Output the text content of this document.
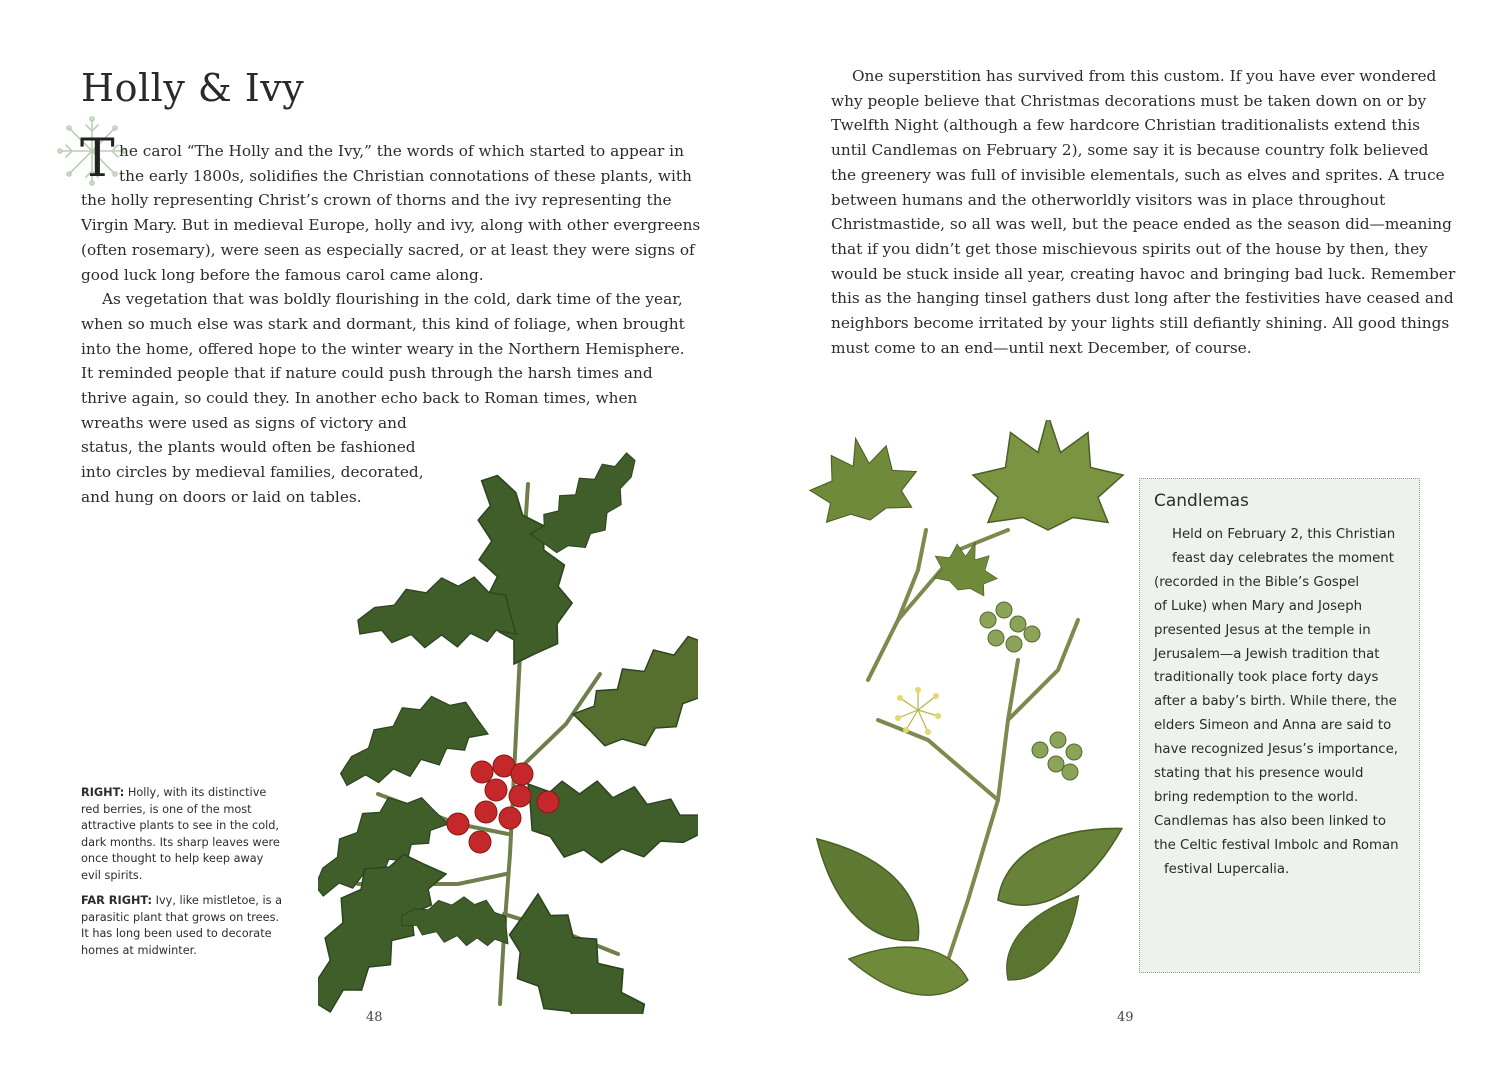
Holly & Ivy
T he carol “The Holly and the Ivy,” the words of which started to appear in
the early 1800s, solidifies the Christian connotations of these plants, with
the holly representing Christ’s crown of thorns and the ivy representing the
Virgin Mary. But in medieval Europe, holly and ivy, along with other evergreens
(often rosemary), were seen as especially sacred, or at least they were signs of
good luck long before the famous carol came along.
As vegetation that was boldly flourishing in the cold, dark time of the year,
when so much else was stark and dormant, this kind of foliage, when brought
into the home, offered hope to the winter weary in the Northern Hemisphere.
It reminded people that if nature could push through the harsh times and
thrive again, so could they. In another echo back to Roman times, when
wreaths were used as signs of victory and
status, the plants would often be fashioned
into circles by medieval families, decorated,
and hung on doors or laid on tables.
RIGHT: Holly, with its distinctive
red berries, is one of the most
attractive plants to see in the cold,
dark months. Its sharp leaves were
once thought to help keep away
evil spirits.
FAR RIGHT: Ivy, like mistletoe, is a
parasitic plant that grows on trees.
It has long been used to decorate
homes at midwinter.
48
One superstition has survived from this custom. If you have ever wondered
why people believe that Christmas decorations must be taken down on or by
Twelfth Night (although a few hardcore Christian traditionalists extend this
until Candlemas on February 2), some say it is because country folk believed
the greenery was full of invisible elementals, such as elves and sprites. A truce
between humans and the otherworldly visitors was in place throughout
Christmastide, so all was well, but the peace ended as the season did—meaning
that if you didn’t get those mischievous spirits out of the house by then, they
would be stuck inside all year, creating havoc and bringing bad luck. Remember
this as the hanging tinsel gathers dust long after the festivities have ceased and
neighbors become irritated by your lights still defiantly shining. All good things
must come to an end—until next December, of course.
Candlemas
Held on February 2, this Christian
feast day celebrates the moment
(recorded in the Bible’s Gospel
of Luke) when Mary and Joseph
presented Jesus at the temple in
Jerusalem—a Jewish tradition that
traditionally took place forty days
after a baby’s birth. While there, the
elders Simeon and Anna are said to
have recognized Jesus’s importance,
stating that his presence would
bring redemption to the world.
Candlemas has also been linked to
the Celtic festival Imbolc and Roman
festival Lupercalia.
49
